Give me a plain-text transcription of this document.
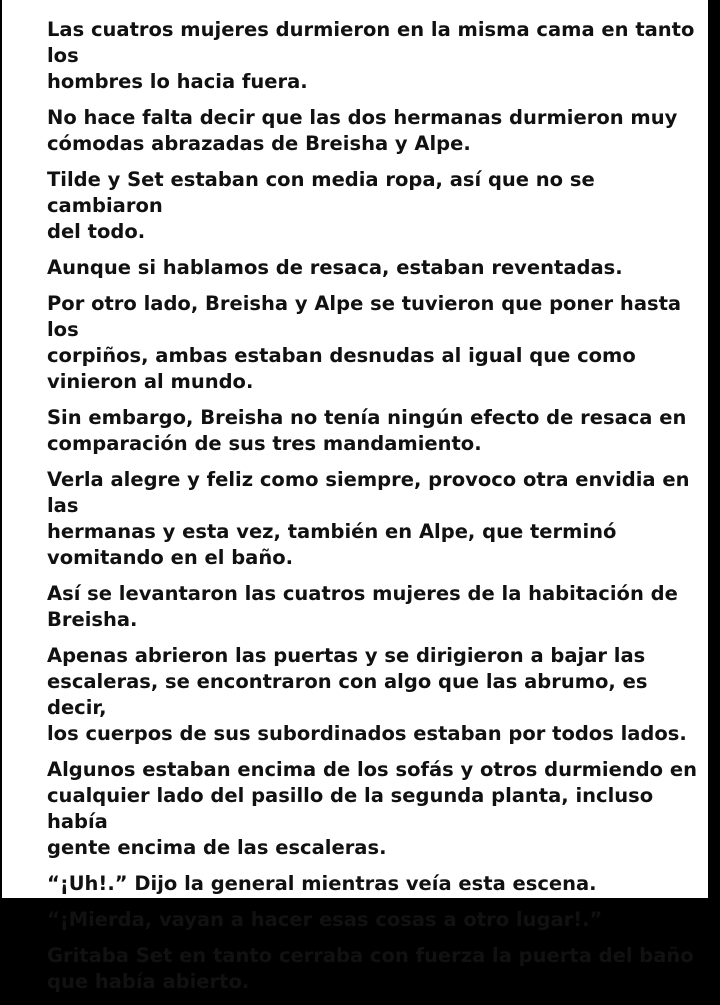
Las cuatros mujeres durmieron en la misma cama en tanto los
hombres lo hacia fuera.

No hace falta decir que las dos hermanas durmieron muy
cómodas abrazadas de Breisha y Alpe.

Tilde y Set estaban con media ropa, así que no se cambiaron
del todo.

Aunque si hablamos de resaca, estaban reventadas.

Por otro lado, Breisha y Alpe se tuvieron que poner hasta los
corpiños, ambas estaban desnudas al igual que como
vinieron al mundo.

Sin embargo, Breisha no tenía ningún efecto de resaca en
comparación de sus tres mandamiento.

Verla alegre y feliz como siempre, provoco otra envidia en las
hermanas y esta vez, también en Alpe, que terminó
vomitando en el baño.

Así se levantaron las cuatros mujeres de la habitación de
Breisha.

Apenas abrieron las puertas y se dirigieron a bajar las
escaleras, se encontraron con algo que las abrumo, es decir,
los cuerpos de sus subordinados estaban por todos lados.

Algunos estaban encima de los sofás y otros durmiendo en
cualquier lado del pasillo de la segunda planta, incluso había
gente encima de las escaleras.

“¡Uh!.” Dijo la general mientras veía esta escena.

“¡Mierda, vayan a hacer esas cosas a otro lugar!.”

Gritaba Set en tanto cerraba con fuerza la puerta del baño
que había abierto.
